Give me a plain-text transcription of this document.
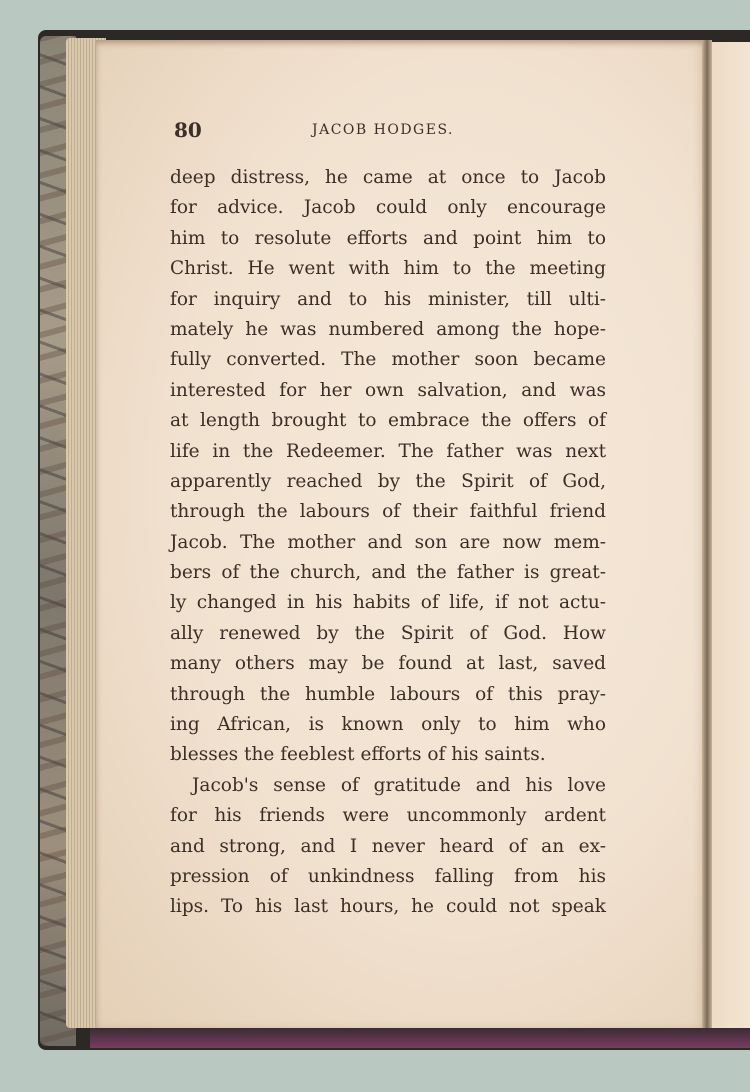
80	JACOB HODGES.
deep distress, he came at once to Jacob
for advice. Jacob could only encourage
him to resolute efforts and point him to
Christ. He went with him to the meeting
for inquiry and to his minister, till ulti-
mately he was numbered among the hope-
fully converted. The mother soon became
interested for her own salvation, and was
at length brought to embrace the offers of
life in the Redeemer. The father was next
apparently reached by the Spirit of God,
through the labours of their faithful friend
Jacob. The mother and son are now mem-
bers of the church, and the father is great-
ly changed in his habits of life, if not actu-
ally renewed by the Spirit of God. How
many others may be found at last, saved
through the humble labours of this pray-
ing African, is known only to him who
blesses the feeblest efforts of his saints.
Jacob's sense of gratitude and his love
for his friends were uncommonly ardent
and strong, and I never heard of an ex-
pression of unkindness falling from his
lips. To his last hours, he could not speak
